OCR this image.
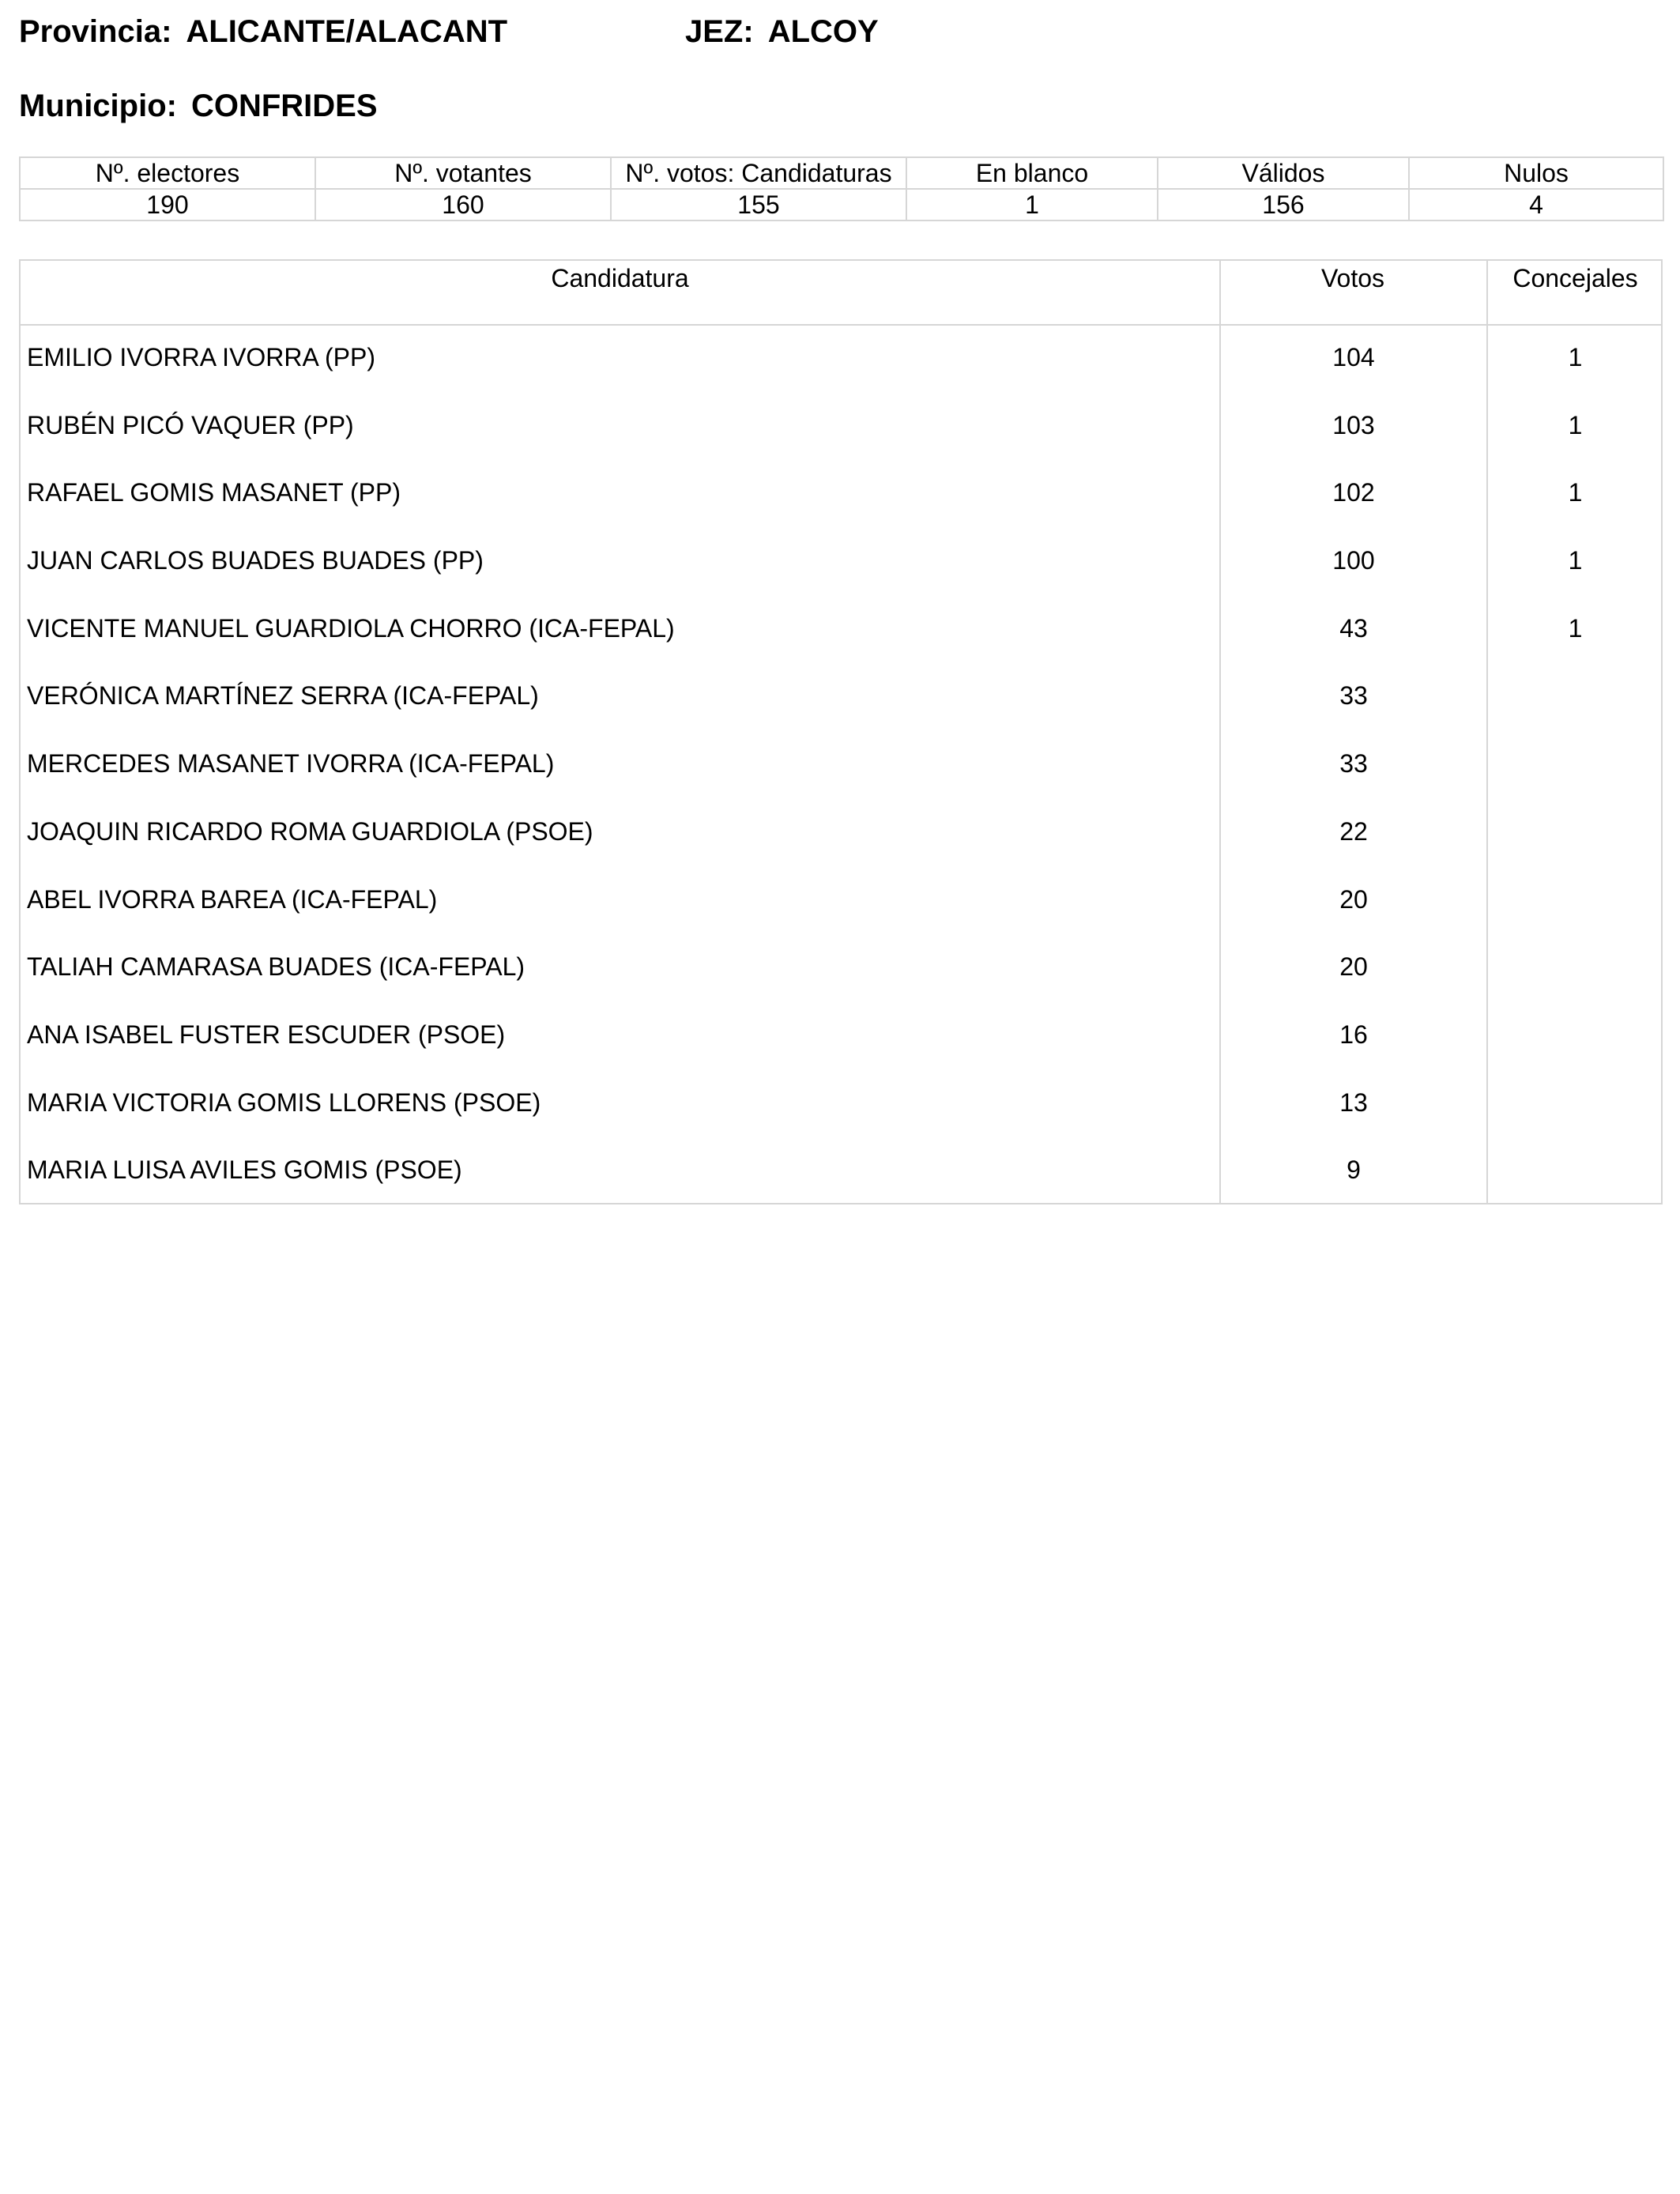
Provincia: ALICANTE/ALACANT	JEZ: ALCOY
Municipio: CONFRIDES
Nº. electores	Nº. votantes	Nº. votos: Candidaturas	En blanco	Válidos	Nulos
190	160	155	1	156	4
Candidatura	Votos	Concejales
EMILIO IVORRA IVORRA (PP)	104	1
RUBÉN PICÓ VAQUER (PP)	103	1
RAFAEL GOMIS MASANET (PP)	102	1
JUAN CARLOS BUADES BUADES (PP)	100	1
VICENTE MANUEL GUARDIOLA CHORRO (ICA-FEPAL)	43	1
VERÓNICA MARTÍNEZ SERRA (ICA-FEPAL)	33
MERCEDES MASANET IVORRA (ICA-FEPAL)	33
JOAQUIN RICARDO ROMA GUARDIOLA (PSOE)	22
ABEL IVORRA BAREA (ICA-FEPAL)	20
TALIAH CAMARASA BUADES (ICA-FEPAL)	20
ANA ISABEL FUSTER ESCUDER (PSOE)	16
MARIA VICTORIA GOMIS LLORENS (PSOE)	13
MARIA LUISA AVILES GOMIS (PSOE)	9
